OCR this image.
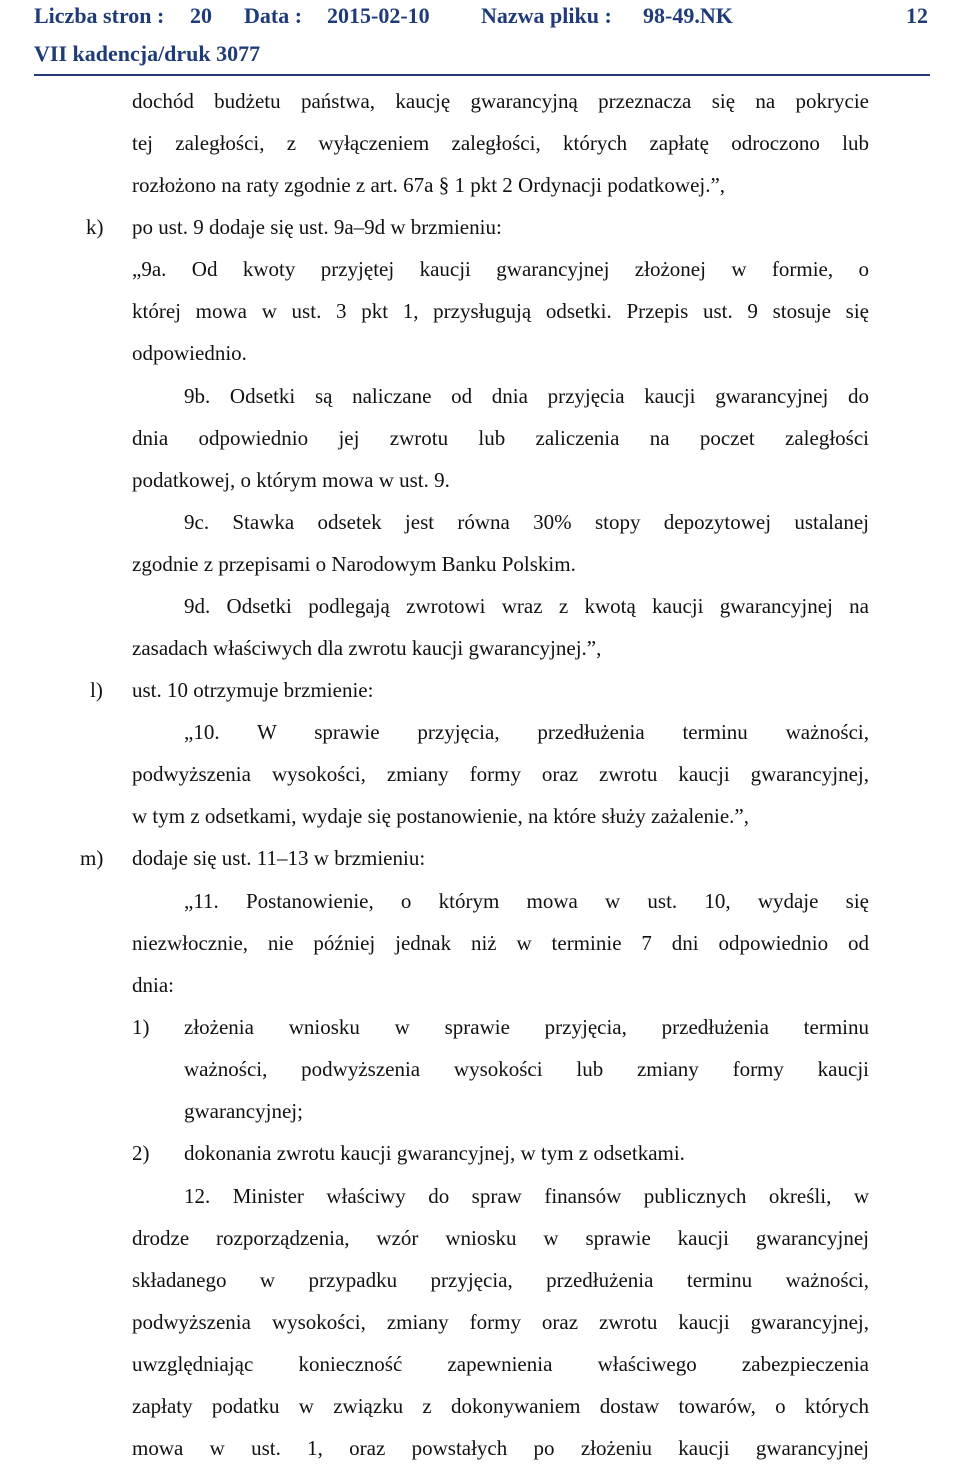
Liczba stron : 20 Data : 2015-02-10 Nazwa pliku : 98-49.NK	12
VII kadencja/druk 3077
dochód budżetu państwa, kaucję gwarancyjną przeznacza się na pokrycie
tej zaległości, z wyłączeniem zaległości, których zapłatę odroczono lub
rozłożono na raty zgodnie z art. 67a § 1 pkt 2 Ordynacji podatkowej.”,
k) po ust. 9 dodaje się ust. 9a–9d w brzmieniu:
„9a. Od kwoty przyjętej kaucji gwarancyjnej złożonej w formie, o
której mowa w ust. 3 pkt 1, przysługują odsetki. Przepis ust. 9 stosuje się
odpowiednio.
9b. Odsetki są naliczane od dnia przyjęcia kaucji gwarancyjnej do
dnia odpowiednio jej zwrotu lub zaliczenia na poczet zaległości
podatkowej, o którym mowa w ust. 9.
9c. Stawka odsetek jest równa 30% stopy depozytowej ustalanej
zgodnie z przepisami o Narodowym Banku Polskim.
9d. Odsetki podlegają zwrotowi wraz z kwotą kaucji gwarancyjnej na
zasadach właściwych dla zwrotu kaucji gwarancyjnej.”,
l) ust. 10 otrzymuje brzmienie:
„10. W sprawie przyjęcia, przedłużenia terminu ważności,
podwyższenia wysokości, zmiany formy oraz zwrotu kaucji gwarancyjnej,
w tym z odsetkami, wydaje się postanowienie, na które służy zażalenie.”,
m) dodaje się ust. 11–13 w brzmieniu:
„11. Postanowienie, o którym mowa w ust. 10, wydaje się
niezwłocznie, nie później jednak niż w terminie 7 dni odpowiednio od
dnia:
1) złożenia wniosku w sprawie przyjęcia, przedłużenia terminu
ważności, podwyższenia wysokości lub zmiany formy kaucji
gwarancyjnej;
2) dokonania zwrotu kaucji gwarancyjnej, w tym z odsetkami.
12. Minister właściwy do spraw finansów publicznych określi, w
drodze rozporządzenia, wzór wniosku w sprawie kaucji gwarancyjnej
składanego w przypadku przyjęcia, przedłużenia terminu ważności,
podwyższenia wysokości, zmiany formy oraz zwrotu kaucji gwarancyjnej,
uwzględniając konieczność zapewnienia właściwego zabezpieczenia
zapłaty podatku w związku z dokonywaniem dostaw towarów, o których
mowa w ust. 1, oraz powstałych po złożeniu kaucji gwarancyjnej
